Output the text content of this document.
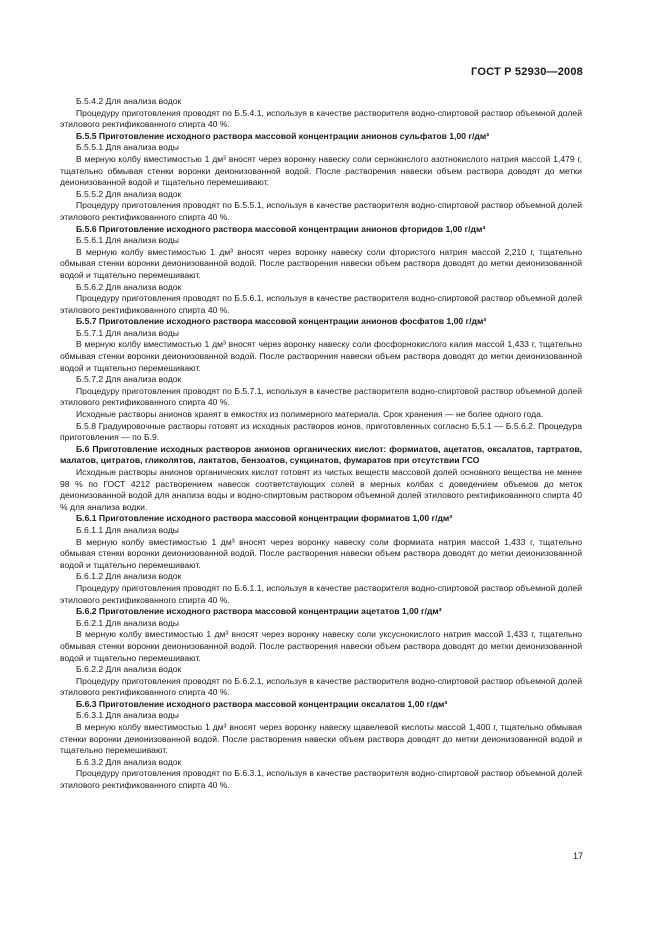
ГОСТ Р 52930—2008

Б.5.4.2 Для анализа водок

Процедуру приготовления проводят по Б.5.4.1, используя в качестве растворителя водно-спиртовой раствор объемной долей этилового ректификованного спирта 40 %.

Б.5.5 Приготовление исходного раствора массовой концентрации анионов сульфатов 1,00 г/дм³

Б.5.5.1 Для анализа воды

В мерную колбу вместимостью 1 дм³ вносят через воронку навеску соли сернокислого азотнокислого натрия массой 1,479 г, тщательно обмывая стенки воронки деионизованной водой. После растворения навески объем раствора доводят до метки деионизованной водой и тщательно перемешивают.

Б.5.5.2 Для анализа водок

Процедуру приготовления проводят по Б.5.5.1, используя в качестве растворителя водно-спиртовой раствор объемной долей этилового ректификованного спирта 40 %.

Б.5.6 Приготовление исходного раствора массовой концентрации анионов фторидов 1,00 г/дм³

Б.5.6.1 Для анализа воды

В мерную колбу вместимостью 1 дм³ вносят через воронку навеску соли фтористого натрия массой 2,210 г, тщательно обмывая стенки воронки деионизованной водой. После растворения навески объем раствора доводят до метки деионизованной водой и тщательно перемешивают.

Б.5.6.2 Для анализа водок

Процедуру приготовления проводят по Б.5.6.1, используя в качестве растворителя водно-спиртовой раствор объемной долей этилового ректификованного спирта 40 %.

Б.5.7 Приготовление исходного раствора массовой концентрации анионов фосфатов 1,00 г/дм³

Б.5.7.1 Для анализа воды

В мерную колбу вместимостью 1 дм³ вносят через воронку навеску соли фосфорнокислого калия массой 1,433 г, тщательно обмывая стенки воронки деионизованной водой. После растворения навески объем раствора доводят до метки деионизованной водой и тщательно перемешивают.

Б.5.7.2 Для анализа водок

Процедуру приготовления проводят по Б.5.7.1, используя в качестве растворителя водно-спиртовой раствор объемной долей этилового ректификованного спирта 40 %.

Исходные растворы анионов хранят в емкостях из полимерного материала. Срок хранения — не более одного года.

Б.5.8 Градуировочные растворы готовят из исходных растворов ионов, приготовленных согласно Б.5.1 — Б.5.6.2. Процедура приготовления — по Б.9.

Б.6 Приготовление исходных растворов анионов органических кислот: формиатов, ацетатов, оксалатов, тартратов, малатов, цитратов, гликолятов, лактатов, бензоатов, сукцинатов, фумаратов при отсутствии ГСО

Исходные растворы анионов органических кислот готовят из чистых веществ массовой долей основного вещества не менее 98 % по ГОСТ 4212 растворением навесок соответствующих солей в мерных колбах с доведением объемов до меток деионизованной водой для анализа воды и водно-спиртовым раствором объемной долей этилового ректификованного спирта 40 % для анализа водки.

Б.6.1 Приготовление исходного раствора массовой концентрации формиатов 1,00 г/дм³

Б.6.1.1 Для анализа воды

В мерную колбу вместимостью 1 дм³ вносят через воронку навеску соли формиата натрия массой 1,433 г, тщательно обмывая стенки воронки деионизованной водой. После растворения навески объем раствора доводят до метки деионизованной водой и тщательно перемешивают.

Б.6.1.2 Для анализа водок

Процедуру приготовления проводят по Б.6.1.1, используя в качестве растворителя водно-спиртовой раствор объемной долей этилового ректификованного спирта 40 %.

Б.6.2 Приготовление исходного раствора массовой концентрации ацетатов 1,00 г/дм³

Б.6.2.1 Для анализа воды

В мерную колбу вместимостью 1 дм³ вносят через воронку навеску соли уксуснокислого натрия массой 1,433 г, тщательно обмывая стенки воронки деионизованной водой. После растворения навески объем раствора доводят до метки деионизованной водой и тщательно перемешивают.

Б.6.2.2 Для анализа водок

Процедуру приготовления проводят по Б.6.2.1, используя в качестве растворителя водно-спиртовой раствор объемной долей этилового ректификованного спирта 40 %.

Б.6.3 Приготовление исходного раствора массовой концентрации оксалатов 1,00 г/дм³

Б.6.3.1 Для анализа воды

В мерную колбу вместимостью 1 дм³ вносят через воронку навеску щавелевой кислоты массой 1,400 г, тщательно обмывая стенки воронки деионизованной водой. После растворения навески объем раствора доводят до метки деионизованной водой и тщательно перемешивают.

Б.6.3.2 Для анализа водок

Процедуру приготовления проводят по Б.6.3.1, используя в качестве растворителя водно-спиртовой раствор объемной долей этилового ректификованного спирта 40 %.

17
